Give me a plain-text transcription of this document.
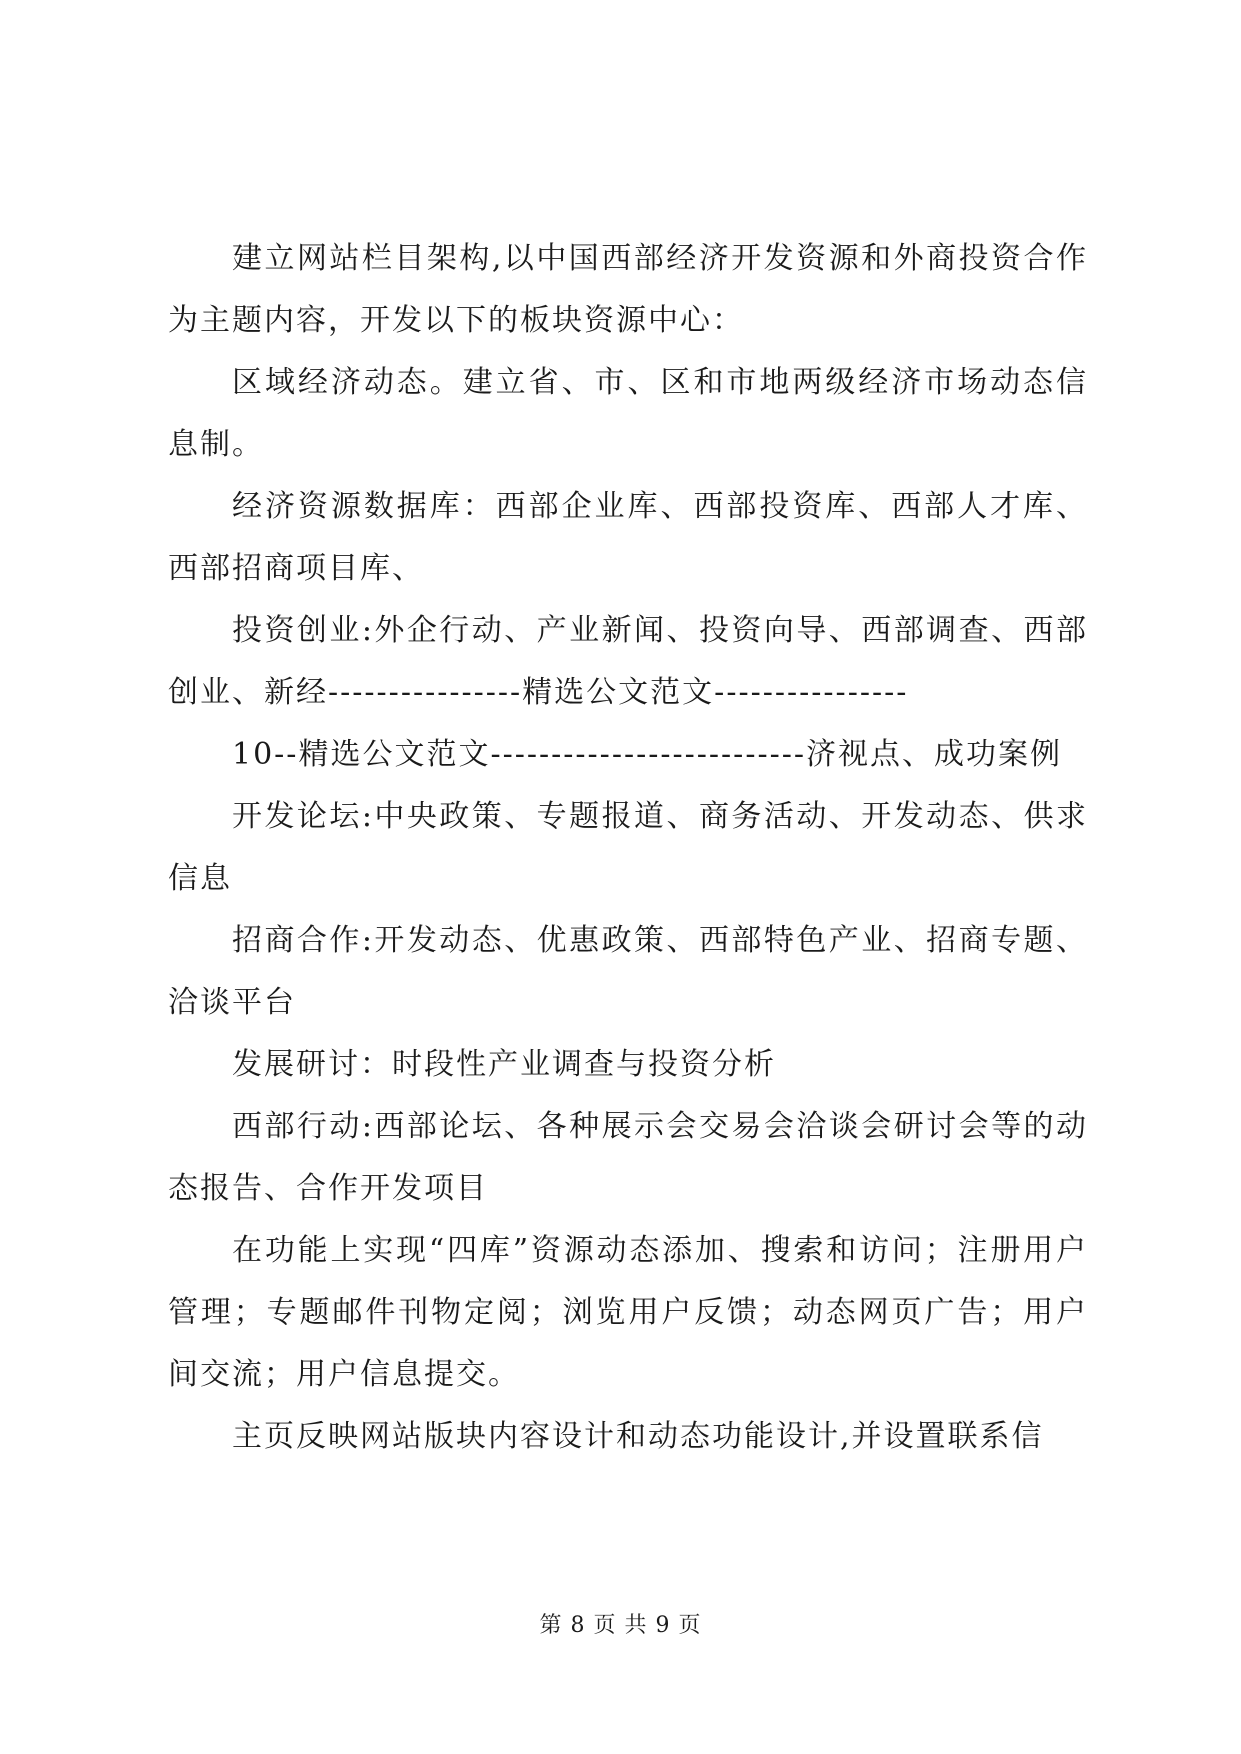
建立网站栏目架构,以中国西部经济开发资源和外商投资合作为主题内容，开发以下的板块资源中心：

区域经济动态。建立省、市、区和市地两级经济市场动态信息制。

经济资源数据库：西部企业库、西部投资库、西部人才库、西部招商项目库、

投资创业:外企行动、产业新闻、投资向导、西部调查、西部创业、新经----------------精选公文范文----------------

10--精选公文范文--------------------------济视点、成功案例

开发论坛:中央政策、专题报道、商务活动、开发动态、供求信息

招商合作:开发动态、优惠政策、西部特色产业、招商专题、洽谈平台

发展研讨：时段性产业调查与投资分析

西部行动:西部论坛、各种展示会交易会洽谈会研讨会等的动态报告、合作开发项目

在功能上实现“四库”资源动态添加、搜索和访问；注册用户管理；专题邮件刊物定阅；浏览用户反馈；动态网页广告；用户间交流；用户信息提交。

主页反映网站版块内容设计和动态功能设计,并设置联系信

第 8 页 共 9 页
